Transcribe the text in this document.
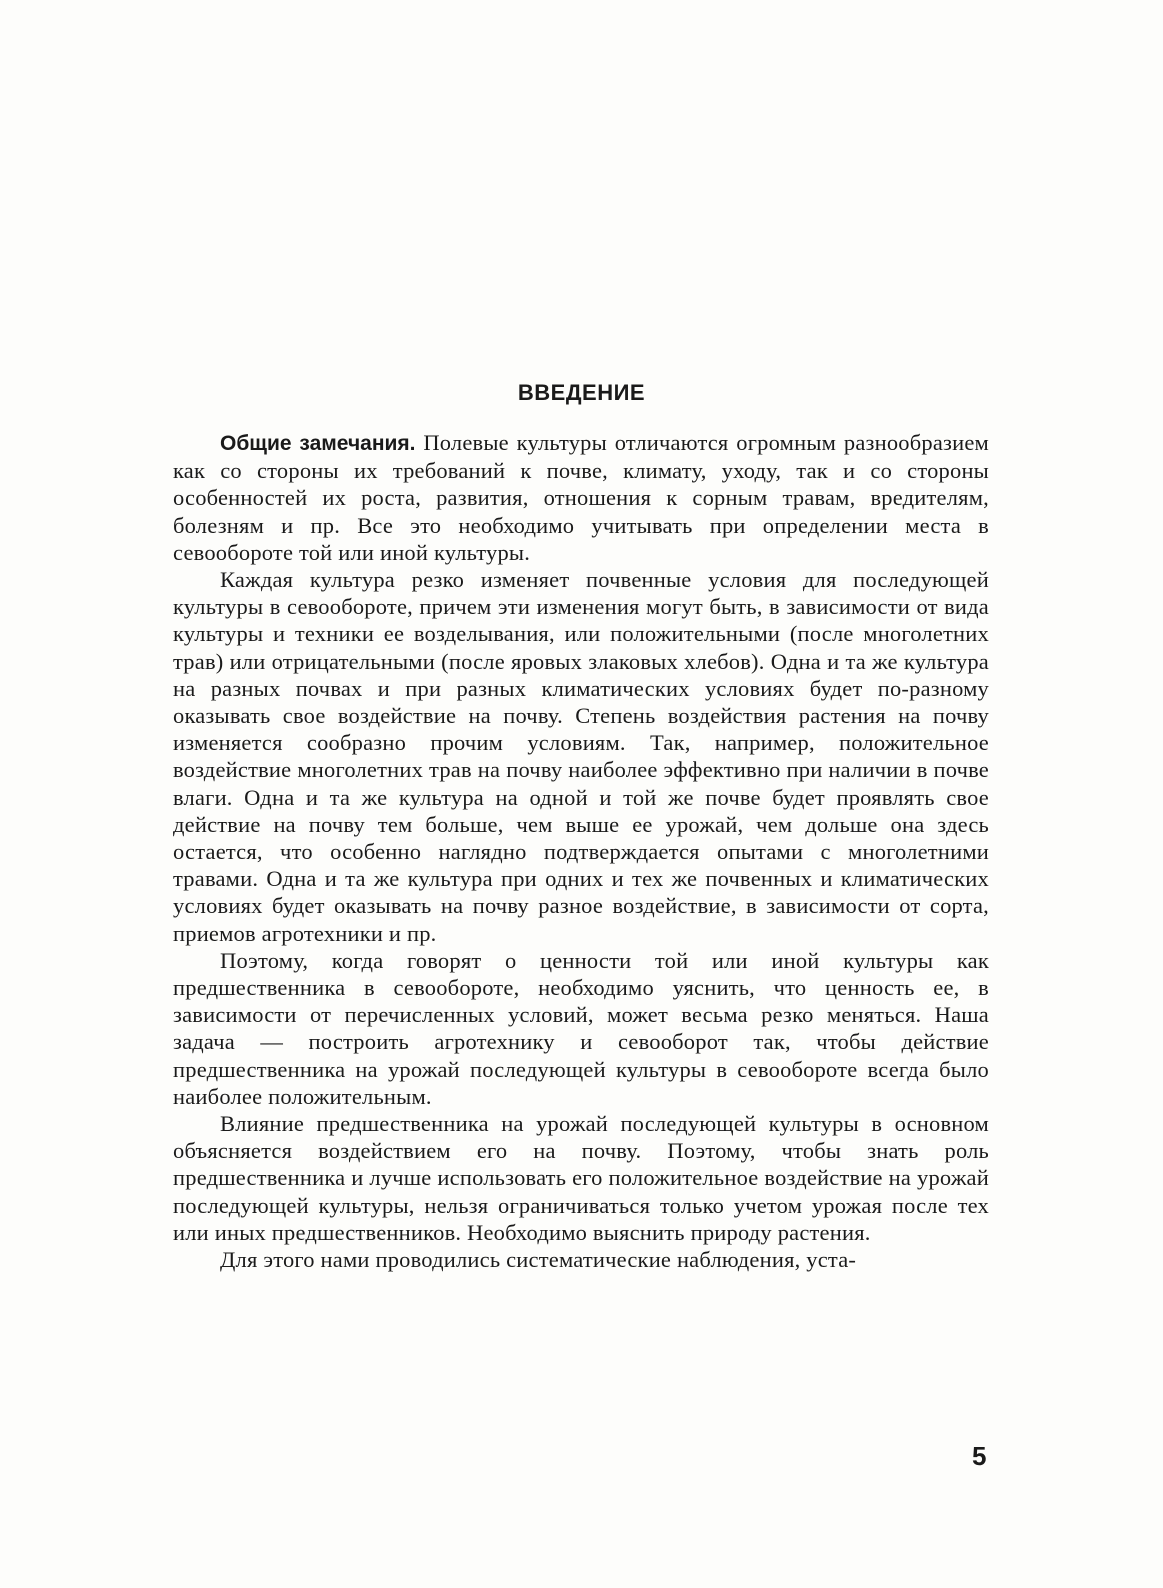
ВВЕДЕНИЕ

Общие замечания. Полевые культуры отличаются огромным разнообразием как со стороны их требований к почве, климату, уходу, так и со стороны особенностей их роста, развития, отношения к сорным травам, вредителям, болезням и пр. Все это необходимо учитывать при определении места в севообороте той или иной культуры.

Каждая культура резко изменяет почвенные условия для последующей культуры в севообороте, причем эти изменения могут быть, в зависимости от вида культуры и техники ее возделывания, или положительными (после многолетних трав) или отрицательными (после яровых злаковых хлебов). Одна и та же культура на разных почвах и при разных климатических условиях будет по-разному оказывать свое воздействие на почву. Степень воздействия растения на почву изменяется сообразно прочим условиям. Так, например, положительное воздействие многолетних трав на почву наиболее эффективно при наличии в почве влаги. Одна и та же культура на одной и той же почве будет проявлять свое действие на почву тем больше, чем выше ее урожай, чем дольше она здесь остается, что особенно наглядно подтверждается опытами с многолетними травами. Одна и та же культура при одних и тех же почвенных и климатических условиях будет оказывать на почву разное воздействие, в зависимости от сорта, приемов агротехники и пр.

Поэтому, когда говорят о ценности той или иной культуры как предшественника в севообороте, необходимо уяснить, что ценность ее, в зависимости от перечисленных условий, может весьма резко меняться. Наша задача — построить агротехнику и севооборот так, чтобы действие предшественника на урожай последующей культуры в севообороте всегда было наиболее положительным.

Влияние предшественника на урожай последующей культуры в основном объясняется воздействием его на почву. Поэтому, чтобы знать роль предшественника и лучше использовать его положительное воздействие на урожай последующей культуры, нельзя ограничиваться только учетом урожая после тех или иных предшественников. Необходимо выяснить природу растения.

Для этого нами проводились систематические наблюдения, уста-

5
